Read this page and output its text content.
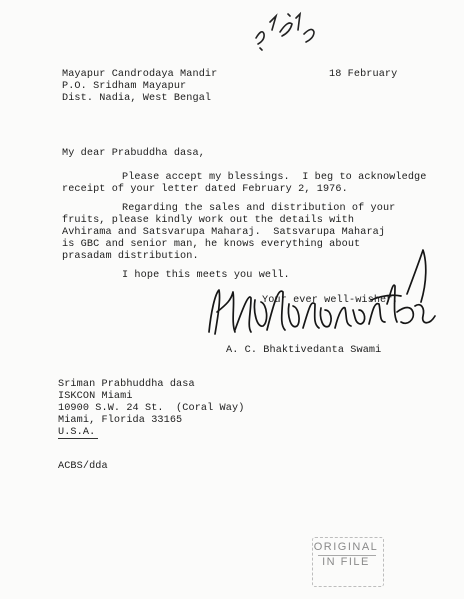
Mayapur Candrodaya Mandir
P.O. Sridham Mayapur
Dist. Nadia, West Bengal
18 February
My dear Prabuddha dasa,
Please accept my blessings.  I beg to acknowledge
receipt of your letter dated February 2, 1976.
Regarding the sales and distribution of your
fruits, please kindly work out the details with
Avhirama and Satsvarupa Maharaj.  Satsvarupa Maharaj
is GBC and senior man, he knows everything about
prasadam distribution.
I hope this meets you well.
Your ever well-wisher,
A. C. Bhaktivedanta Swami
Sriman Prabhuddha dasa
ISKCON Miami
10900 S.W. 24 St.  (Coral Way)
Miami, Florida 33165
U.S.A.
ACBS/dda
ORIGINAL
IN FILE
